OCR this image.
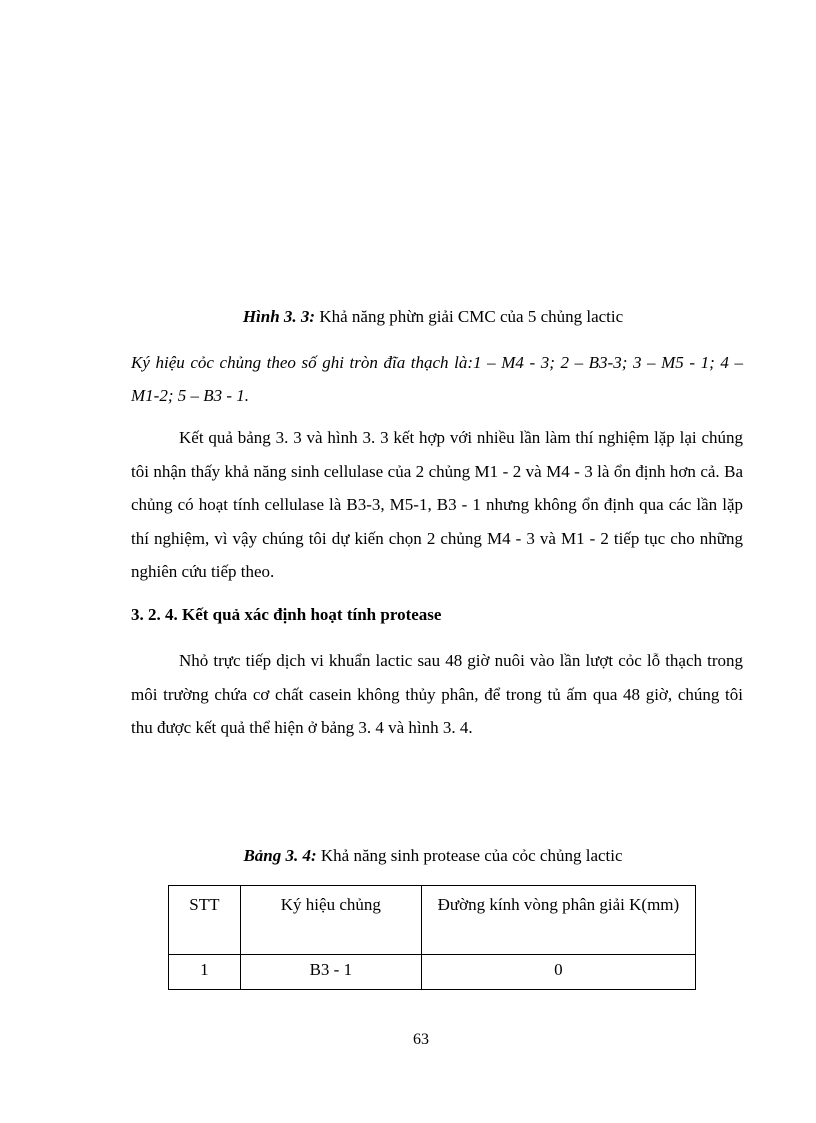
Hình 3. 3: Khả năng phừn giải CMC của 5 chủng lactic
Ký hiệu cỏc chủng theo số ghi tròn đĩa thạch là:1 – M4 - 3; 2 – B3-3; 3 – M5 - 1; 4 – M1-2; 5 – B3 - 1.
Kết quả bảng 3. 3 và hình 3. 3 kết hợp với nhiều lần làm thí nghiệm lặp lại chúng tôi nhận thấy khả năng sinh cellulase của 2 chủng M1 - 2 và M4 - 3 là ổn định hơn cả. Ba chủng có hoạt tính cellulase là B3-3, M5-1, B3 - 1 nhưng không ổn định qua các lần lặp thí nghiệm, vì vậy chúng tôi dự kiến chọn 2 chủng M4 - 3 và M1 - 2 tiếp tục cho những nghiên cứu tiếp theo.
3. 2. 4. Kết quả xác định hoạt tính protease
Nhỏ trực tiếp dịch vi khuẩn lactic sau 48 giờ nuôi vào lần lượt cỏc lỗ thạch trong môi trường chứa cơ chất casein không thủy phân, để trong tủ ấm qua 48 giờ, chúng tôi thu được kết quả thể hiện ở bảng 3. 4 và hình 3. 4.
Bảng 3. 4: Khả năng sinh protease của cỏc chủng lactic
STT	Ký hiệu chủng	Đường kính vòng phân giải K(mm)
1	B3 - 1	0
63
